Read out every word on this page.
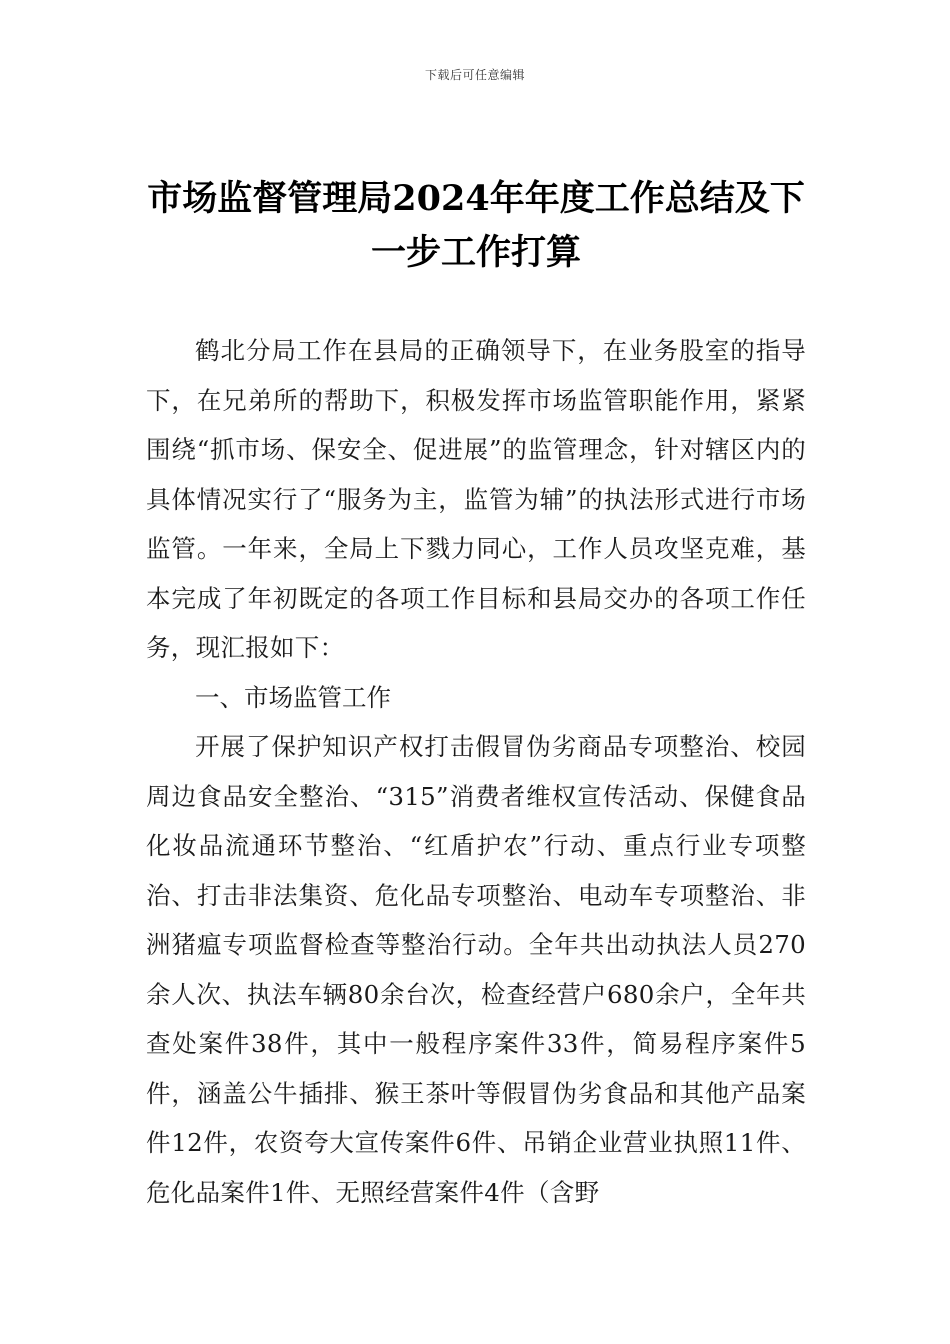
下载后可任意编辑
市场监督管理局2024年年度工作总结及下一步工作打算

鹤北分局工作在县局的正确领导下，在业务股室的指导下，在兄弟所的帮助下，积极发挥市场监管职能作用，紧紧围绕“抓市场、保安全、促进展”的监管理念，针对辖区内的具体情况实行了“服务为主，监管为辅”的执法形式进行市场监管。一年来，全局上下戮力同心，工作人员攻坚克难，基本完成了年初既定的各项工作目标和县局交办的各项工作任务，现汇报如下：

一、市场监管工作

开展了保护知识产权打击假冒伪劣商品专项整治、校园周边食品安全整治、“315”消费者维权宣传活动、保健食品化妆品流通环节整治、“红盾护农”行动、重点行业专项整治、打击非法集资、危化品专项整治、电动车专项整治、非洲猪瘟专项监督检查等整治行动。全年共出动执法人员270余人次、执法车辆80余台次，检查经营户680余户，全年共查处案件38件，其中一般程序案件33件，简易程序案件5件，涵盖公牛插排、猴王茶叶等假冒伪劣食品和其他产品案件12件，农资夸大宣传案件6件、吊销企业营业执照11件、危化品案件1件、无照经营案件4件（含野
